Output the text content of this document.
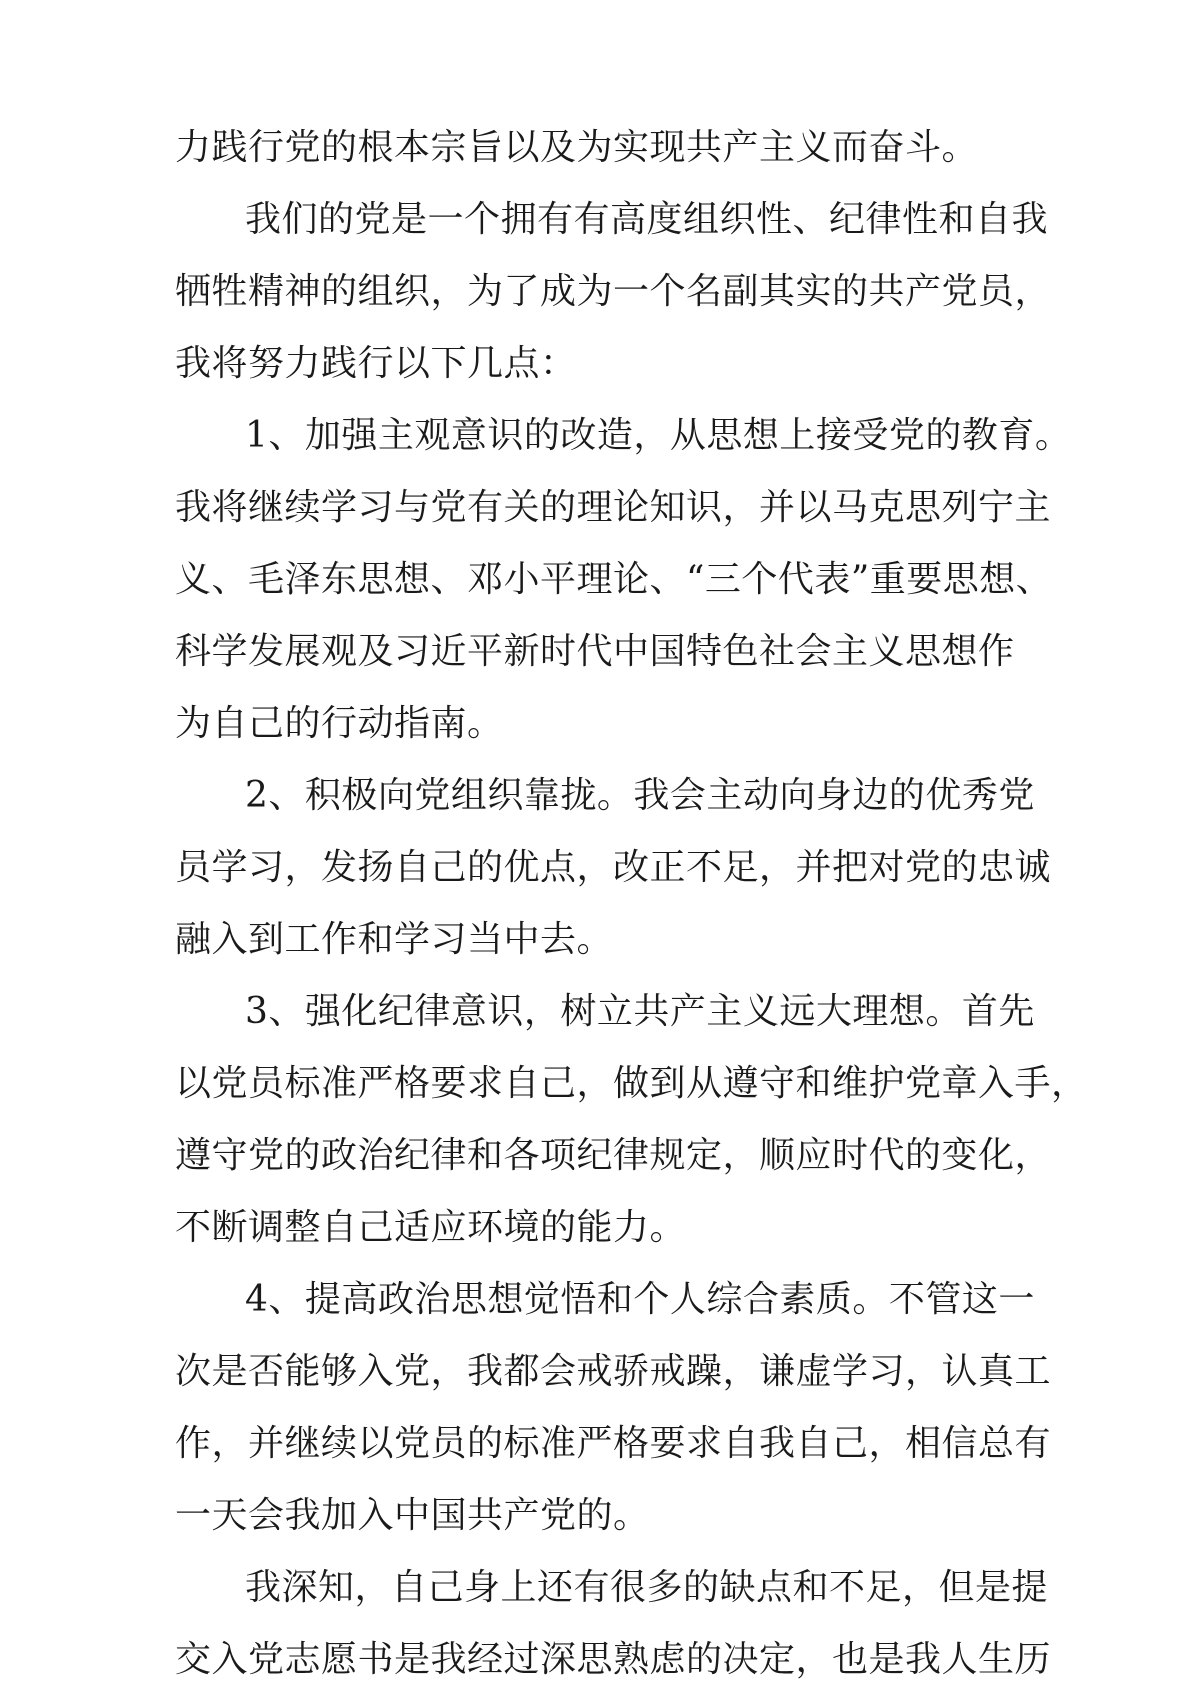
力践行党的根本宗旨以及为实现共产主义而奋斗。
我们的党是一个拥有有高度组织性、纪律性和自我
牺牲精神的组织，为了成为一个名副其实的共产党员，
我将努力践行以下几点：
1、加强主观意识的改造，从思想上接受党的教育。
我将继续学习与党有关的理论知识，并以马克思列宁主
义、毛泽东思想、邓小平理论、“三个代表”重要思想、
科学发展观及习近平新时代中国特色社会主义思想作
为自己的行动指南。
2、积极向党组织靠拢。我会主动向身边的优秀党
员学习，发扬自己的优点，改正不足，并把对党的忠诚
融入到工作和学习当中去。
3、强化纪律意识，树立共产主义远大理想。首先
以党员标准严格要求自己，做到从遵守和维护党章入手，
遵守党的政治纪律和各项纪律规定，顺应时代的变化，
不断调整自己适应环境的能力。
4、提高政治思想觉悟和个人综合素质。不管这一
次是否能够入党，我都会戒骄戒躁，谦虚学习，认真工
作，并继续以党员的标准严格要求自我自己，相信总有
一天会我加入中国共产党的。
我深知，自己身上还有很多的缺点和不足，但是提
交入党志愿书是我经过深思熟虑的决定，也是我人生历
